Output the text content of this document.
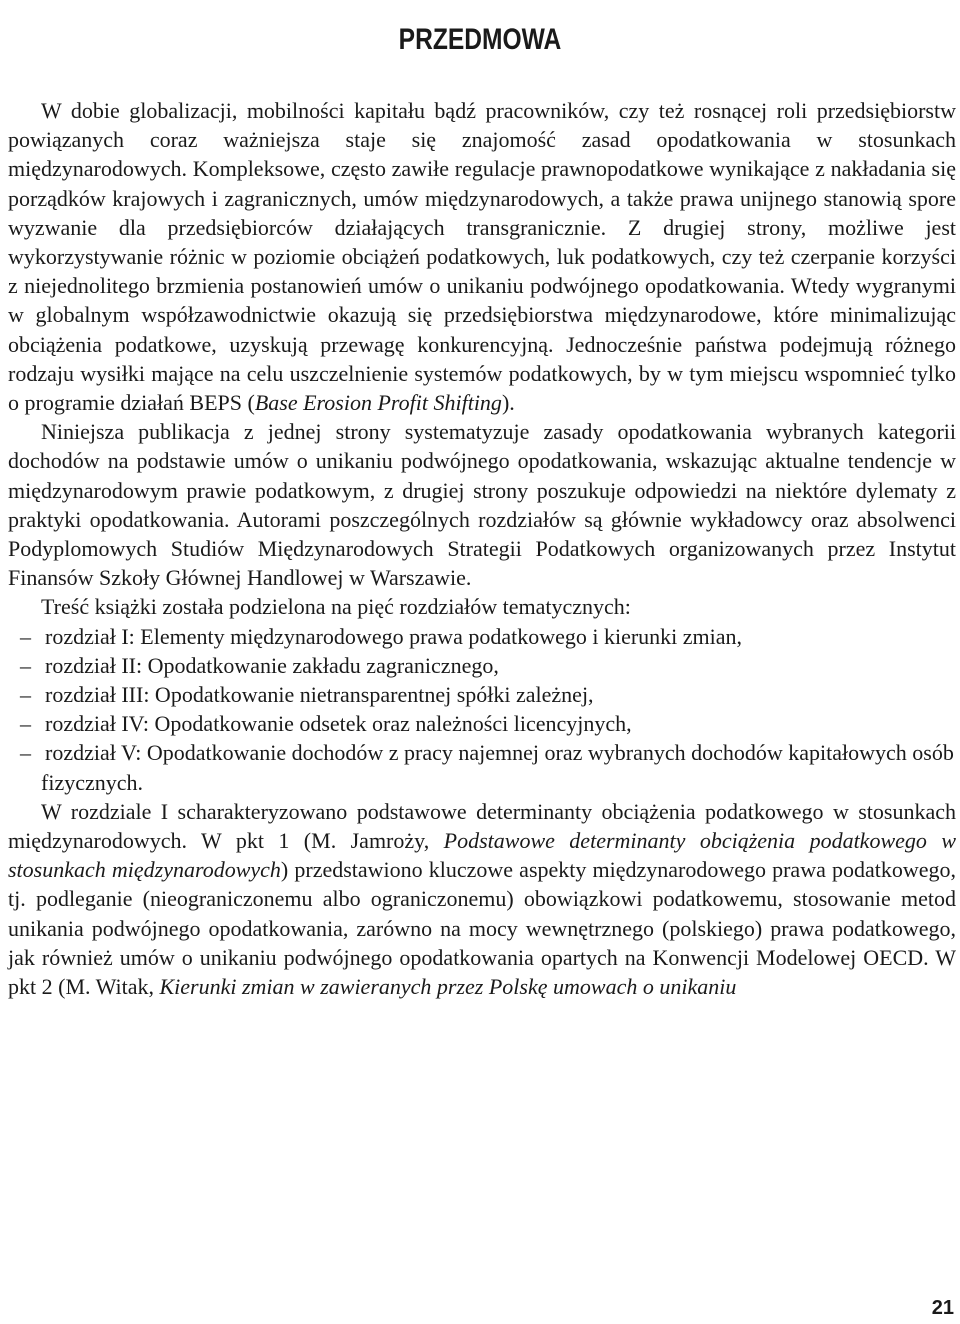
PRZEDMOWA

W dobie globalizacji, mobilności kapitału bądź pracowników, czy też rosnącej roli przedsiębiorstw powiązanych coraz ważniejsza staje się znajomość zasad opodatkowania w stosunkach międzynarodowych. Kompleksowe, często zawiłe regulacje prawnopodatkowe wynikające z nakładania się porządków krajowych i zagranicznych, umów międzynarodowych, a także prawa unijnego stanowią spore wyzwanie dla przedsiębiorców działających transgranicznie. Z drugiej strony, możliwe jest wykorzystywanie różnic w poziomie obciążeń podatkowych, luk podatkowych, czy też czerpanie korzyści z niejednolitego brzmienia postanowień umów o unikaniu podwójnego opodatkowania. Wtedy wygranymi w globalnym współzawodnictwie okazują się przedsiębiorstwa międzynarodowe, które minimalizując obciążenia podatkowe, uzyskują przewagę konkurencyjną. Jednocześnie państwa podejmują różnego rodzaju wysiłki mające na celu uszczelnienie systemów podatkowych, by w tym miejscu wspomnieć tylko o programie działań BEPS (Base Erosion Profit Shifting).

Niniejsza publikacja z jednej strony systematyzuje zasady opodatkowania wybranych kategorii dochodów na podstawie umów o unikaniu podwójnego opodatkowania, wskazując aktualne tendencje w międzynarodowym prawie podatkowym, z drugiej strony poszukuje odpowiedzi na niektóre dylematy z praktyki opodatkowania. Autorami poszczególnych rozdziałów są głównie wykładowcy oraz absolwenci Podyplomowych Studiów Międzynarodowych Strategii Podatkowych organizowanych przez Instytut Finansów Szkoły Głównej Handlowej w Warszawie.

Treść książki została podzielona na pięć rozdziałów tematycznych:

– rozdział I: Elementy międzynarodowego prawa podatkowego i kierunki zmian,
– rozdział II: Opodatkowanie zakładu zagranicznego,
– rozdział III: Opodatkowanie nietransparentnej spółki zależnej,
– rozdział IV: Opodatkowanie odsetek oraz należności licencyjnych,
– rozdział V: Opodatkowanie dochodów z pracy najemnej oraz wybranych dochodów kapitałowych osób fizycznych.

W rozdziale I scharakteryzowano podstawowe determinanty obciążenia podatkowego w stosunkach międzynarodowych. W pkt 1 (M. Jamroży, Podstawowe determinanty obciążenia podatkowego w stosunkach międzynarodowych) przedstawiono kluczowe aspekty międzynarodowego prawa podatkowego, tj. podleganie (nieograniczonemu albo ograniczonemu) obowiązkowi podatkowemu, stosowanie metod unikania podwójnego opodatkowania, zarówno na mocy wewnętrznego (polskiego) prawa podatkowego, jak również umów o unikaniu podwójnego opodatkowania opartych na Konwencji Modelowej OECD. W pkt 2 (M. Witak, Kierunki zmian w zawieranych przez Polskę umowach o unikaniu

21
